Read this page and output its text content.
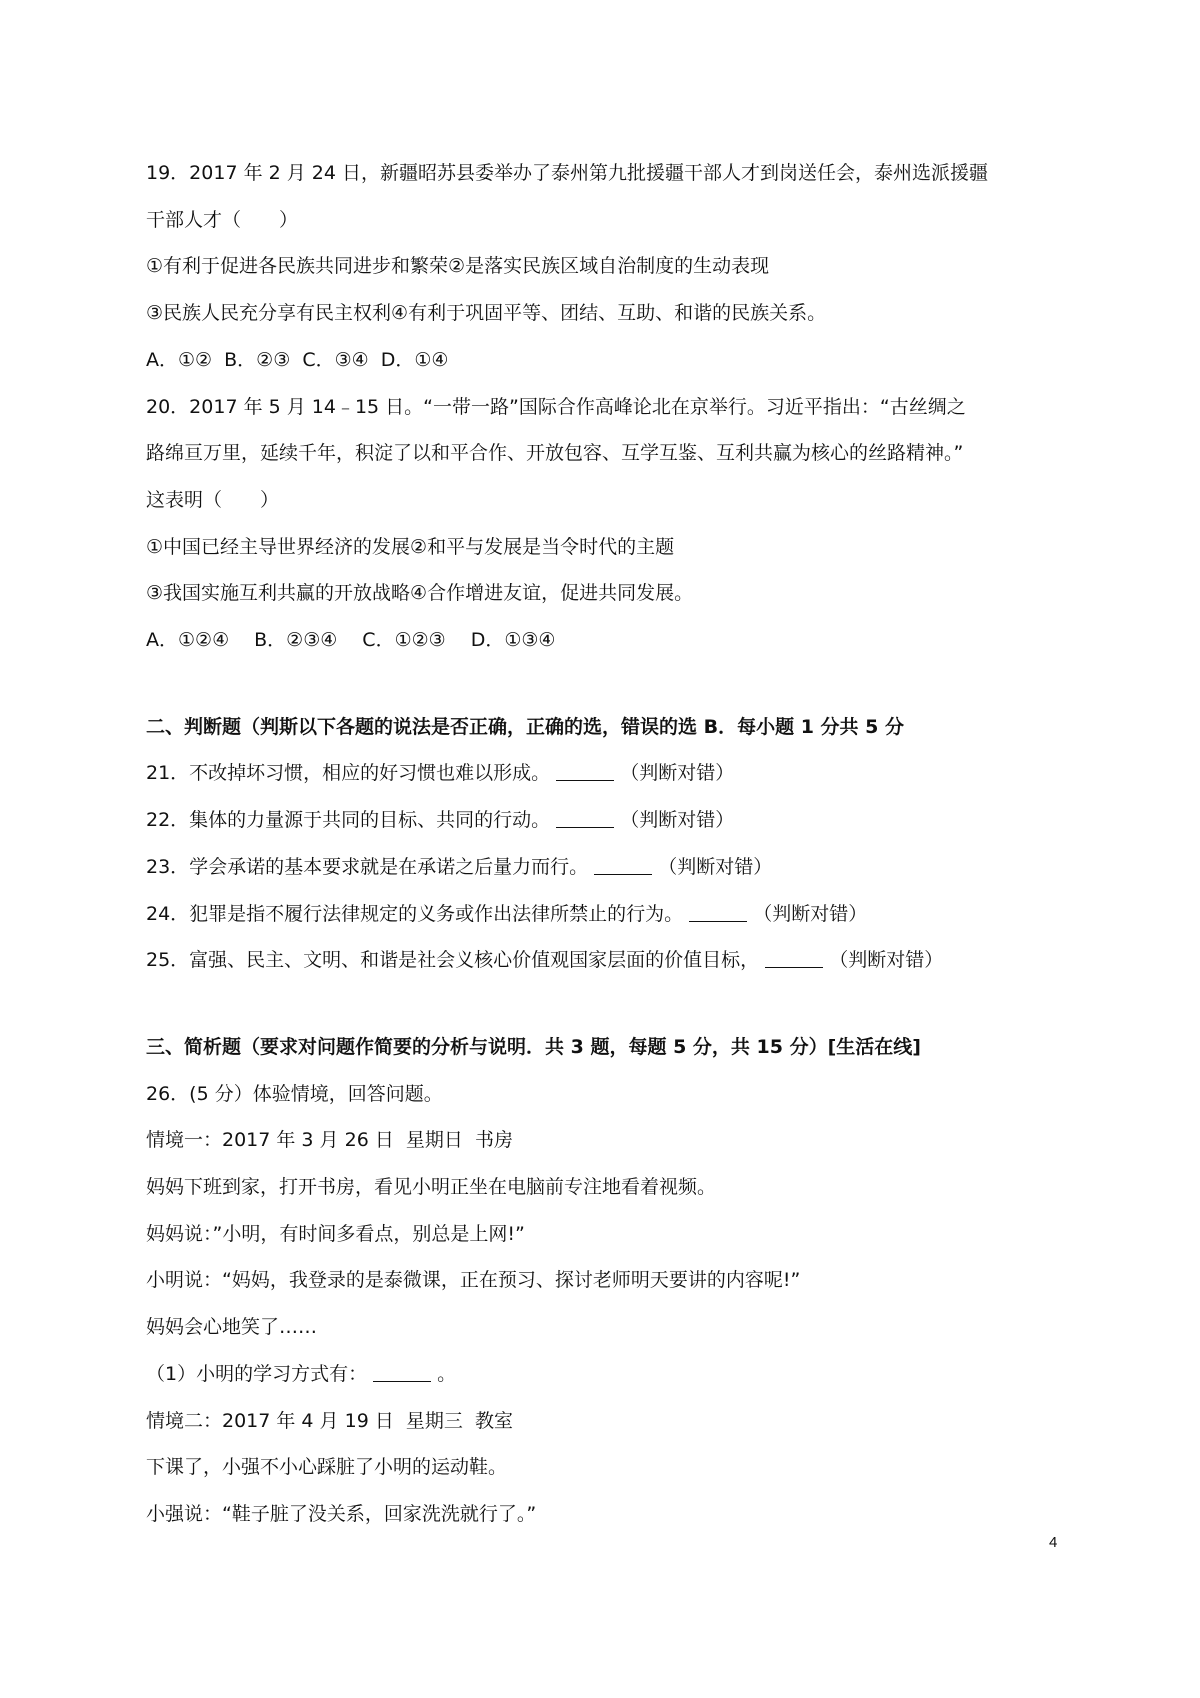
19．2017 年 2 月 24 日，新疆昭苏县委举办了泰州第九批援疆干部人才到岗送任会，泰州选派援疆
干部人才（　　）
①有利于促进各民族共同进步和繁荣②是落实民族区域自治制度的生动表现
③民族人民充分享有民主权利④有利于巩固平等、团结、互助、和谐的民族关系。
A．①②  B．②③  C．③④  D．①④
20．2017 年 5 月 14﹣15 日。“一带一路”国际合作高峰论北在京举行。习近平指出：“古丝绸之
路绵亘万里，延续千年，积淀了以和平合作、开放包容、互学互鉴、互利共赢为核心的丝路精神。”
这表明（　　）
①中国已经主导世界经济的发展②和平与发展是当令时代的主题
③我国实施互利共赢的开放战略④合作增进友谊，促进共同发展。
A．①②④　 B．②③④　 C．①②③　 D．①③④
二、判断题（判斯以下各题的说法是否正确，正确的选，错误的选 B．每小题 1 分共 5 分
21．不改掉坏习惯，相应的好习惯也难以形成。	（判断对错）
22．集体的力量源于共同的目标、共同的行动。	（判断对错）
23．学会承诺的基本要求就是在承诺之后量力而行。	（判断对错）
24．犯罪是指不履行法律规定的义务或作出法律所禁止的行为。	（判断对错）
25．富强、民主、文明、和谐是社会义核心价值观国家层面的价值目标，	（判断对错）
三、简析题（要求对问题作简要的分析与说明．共 3 题，每题 5 分，共 15 分）[生活在线]
26．(5 分）体验情境，回答问题。
情境一：2017 年 3 月 26 日  星期日  书房
妈妈下班到家，打开书房，看见小明正坐在电脑前专注地看着视频。
妈妈说：”小明，有时间多看点，别总是上网!”
小明说：“妈妈，我登录的是泰微课，正在预习、探讨老师明天要讲的内容呢!”
妈妈会心地笑了……
（1）小明的学习方式有：	。
情境二：2017 年 4 月 19 日  星期三  教室
下课了，小强不小心踩脏了小明的运动鞋。
小强说：“鞋子脏了没关系，回家洗洗就行了。”
4
